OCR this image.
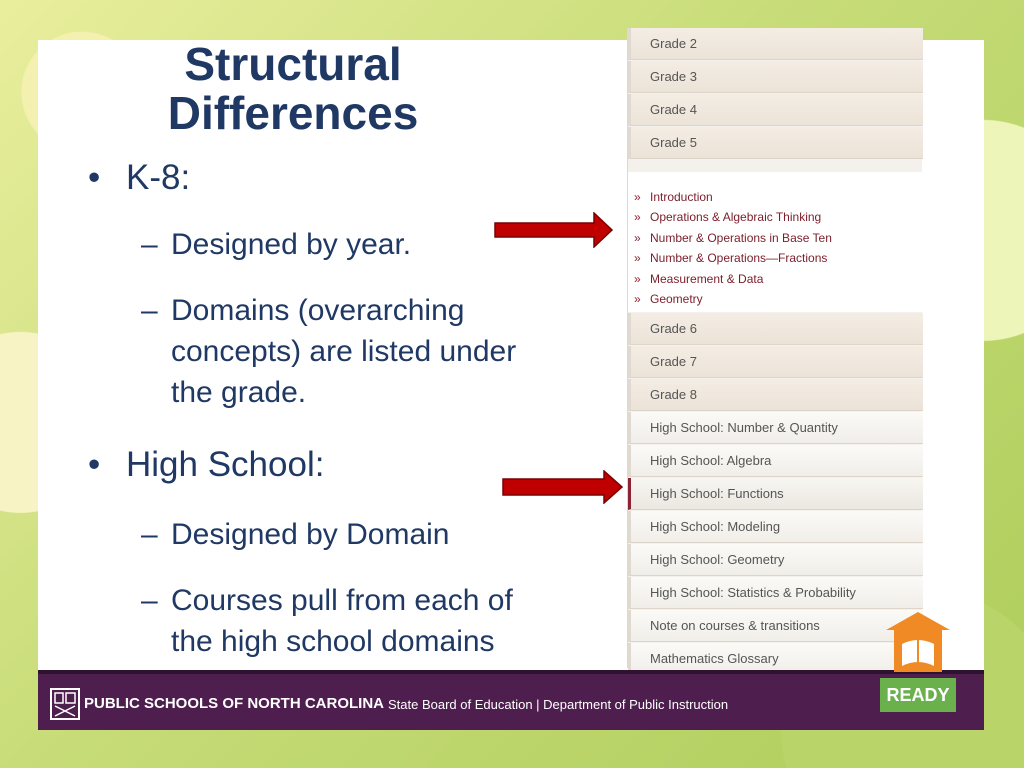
Structural
Differences
• K-8:
– Designed by year.
– Domains (overarching
concepts) are listed under
the grade.
• High School:
– Designed by Domain
– Courses pull from each of
the high school domains
Grade 2
Grade 3
Grade 4
Grade 5
» Introduction
» Operations & Algebraic Thinking
» Number & Operations in Base Ten
» Number & Operations—Fractions
» Measurement & Data
» Geometry
Grade 6
Grade 7
Grade 8
High School: Number & Quantity
High School: Algebra
High School: Functions
High School: Modeling
High School: Geometry
High School: Statistics & Probability
Note on courses & transitions
Mathematics Glossary
PUBLIC SCHOOLS OF NORTH CAROLINA State Board of Education | Department of Public Instruction	READY
